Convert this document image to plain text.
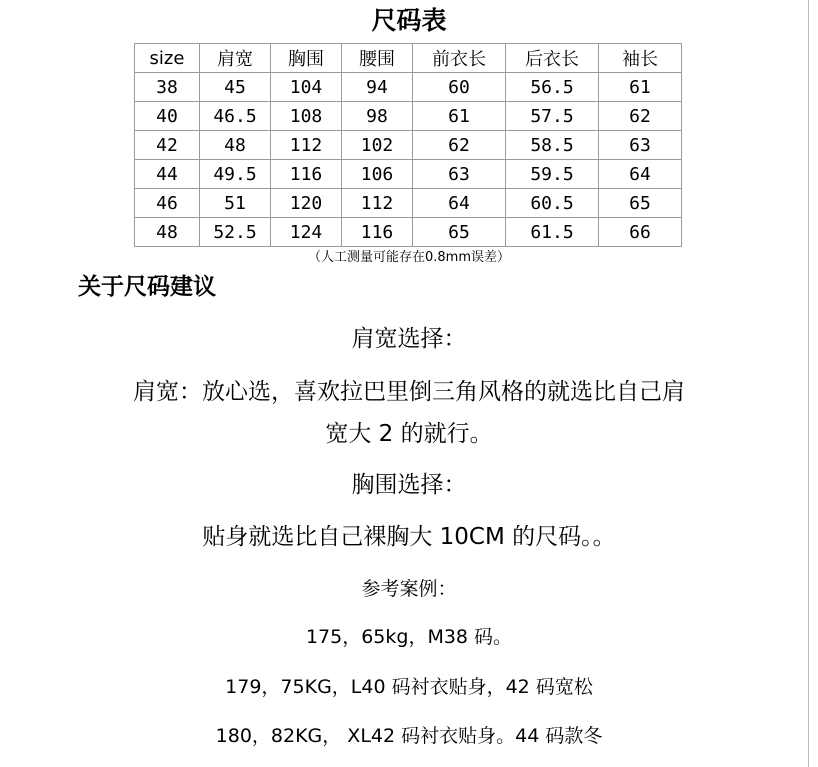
尺码表
size	肩宽	胸围	腰围	前衣长	后衣长	袖长
38	45	104	94	60	56.5	61
40	46.5	108	98	61	57.5	62
42	48	112	102	62	58.5	63
44	49.5	116	106	63	59.5	64
46	51	120	112	64	60.5	65
48	52.5	124	116	65	61.5	66
（人工测量可能存在0.8mm误差）
关于尺码建议
肩宽选择：
肩宽：放心选，喜欢拉巴里倒三角风格的就选比自己肩
宽大 2 的就行。
胸围选择：
贴身就选比自己裸胸大 10CM 的尺码。。
参考案例：
175，65kg，M38 码。
179，75KG，L40 码衬衣贴身，42 码宽松
180，82KG， XL42 码衬衣贴身。44 码款冬
